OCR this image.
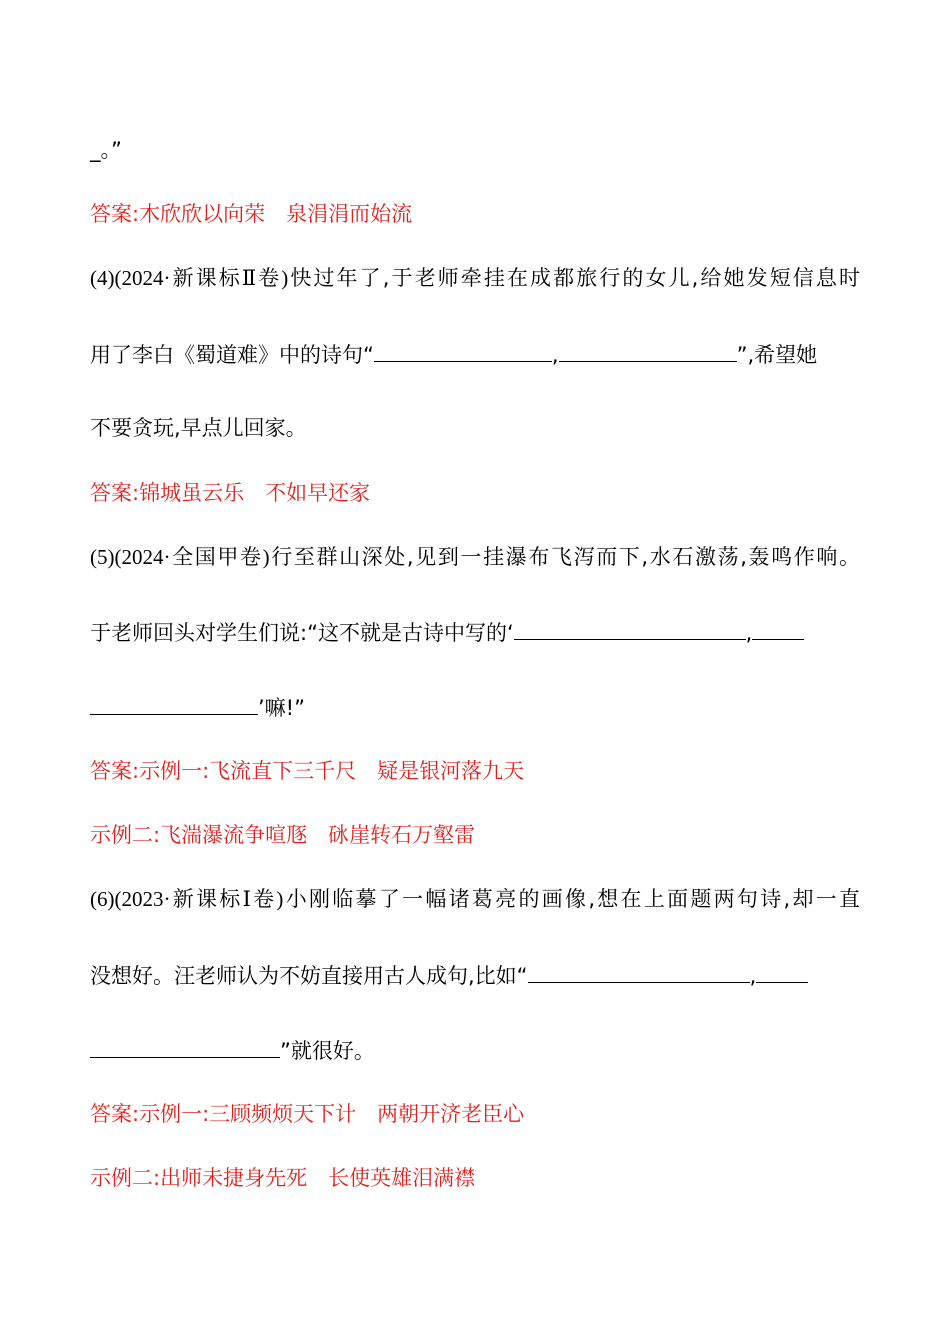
_。”
答案:木欣欣以向荣　泉涓涓而始流
(4)(2024·新课标Ⅱ卷)快过年了,于老师牵挂在成都旅行的女儿,给她发短信息时
用了李白《蜀道难》中的诗句“	,	”,希望她
不要贪玩,早点儿回家。
答案:锦城虽云乐　不如早还家
(5)(2024·全国甲卷)行至群山深处,见到一挂瀑布飞泻而下,水石激荡,轰鸣作响。
于老师回头对学生们说:“这不就是古诗中写的‘	,
’嘛!”
答案:示例一:飞流直下三千尺　疑是银河落九天
示例二:飞湍瀑流争喧豗　砯崖转石万壑雷
(6)(2023·新课标Ⅰ卷)小刚临摹了一幅诸葛亮的画像,想在上面题两句诗,却一直
没想好。汪老师认为不妨直接用古人成句,比如“	,
”就很好。
答案:示例一:三顾频烦天下计　两朝开济老臣心
示例二:出师未捷身先死　长使英雄泪满襟
